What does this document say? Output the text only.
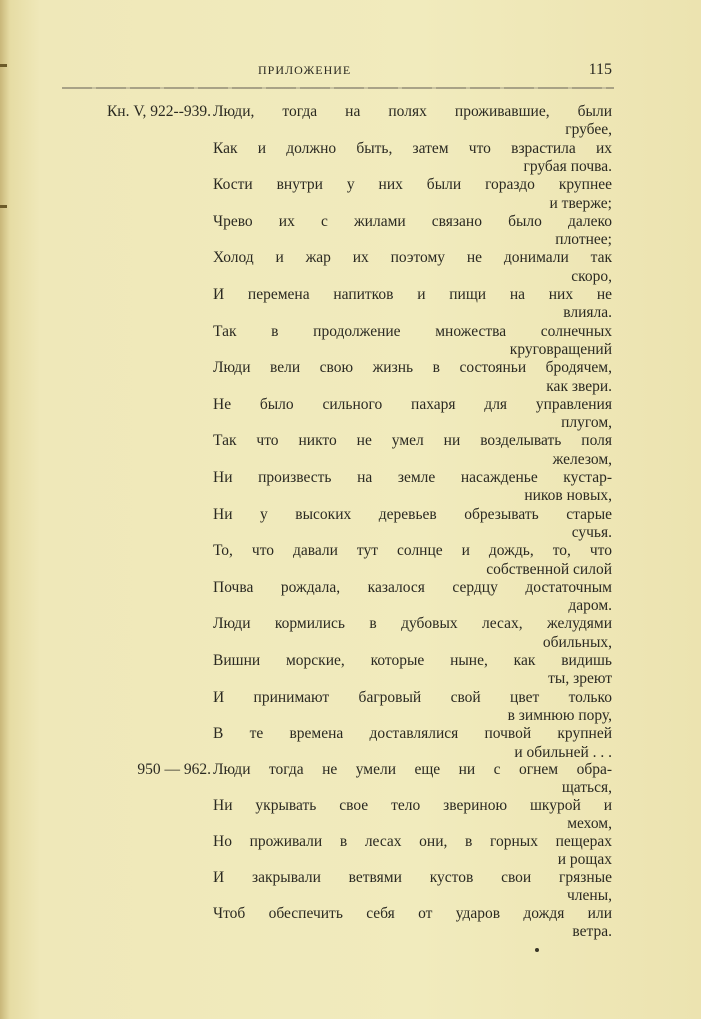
ПРИЛОЖЕНИЕ	115
Кн. V, 922--939. Люди, тогда на полях проживавшие, были
грубее,
Как и должно быть, затем что взрастила их
грубая почва.
Кости внутри у них были гораздо крупнее
и тверже;
Чрево их с жилами связано было далеко
плотнее;
Холод и жар их поэтому не донимали так
скоро,
И перемена напитков и пищи на них не
влияла.
Так в продолжение множества солнечных
круговращений
Люди вели свою жизнь в состояньи бродячем,
как звери.
Не было сильного пахаря для управления
плугом,
Так что никто не умел ни возделывать поля
железом,
Ни произвесть на земле насажденье кустар-
ников новых,
Ни у высоких деревьев обрезывать старые
сучья.
То, что давали тут солнце и дождь, то, что
собственной силой
Почва рождала, казалося сердцу достаточным
даром.
Люди кормились в дубовых лесах, желудями
обильных,
Вишни морские, которые ныне, как видишь
ты, зреют
И принимают багровый свой цвет только
в зимнюю пору,
В те времена доставлялися почвой крупней
и обильней . . .
950 — 962. Люди тогда не умели еще ни с огнем обра-
щаться,
Ни укрывать свое тело звериною шкурой и
мехом,
Но проживали в лесах они, в горных пещерах
и рощах
И закрывали ветвями кустов свои грязные
члены,
Чтоб обеспечить себя от ударов дождя или
ветра.
